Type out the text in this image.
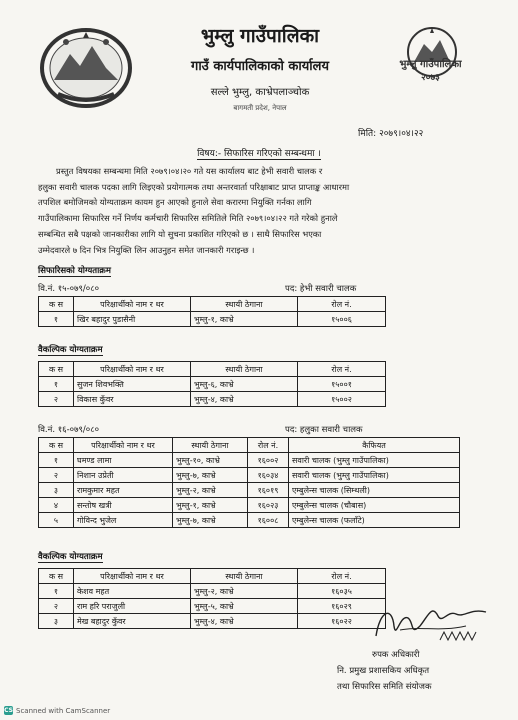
भुम्लु गाउँपालिका
२०७३
भुम्लु गाउँपालिका
गाउँ कार्यपालिकाको कार्यालय
सल्ले भुम्लु, काभ्रेपलाञ्चोक
बागमती प्रदेश, नेपाल
मिति: २०७९।०४।२२
विषय:- सिफारिस गरिएको सम्बन्धमा ।

प्रस्तुत विषयका सम्बन्धमा मिति २०७९।०४।२० गते यस कार्यालय बाट हेभी सवारी चालक र

हलुका सवारी चालक पदका लागि लिइएको प्रयोगात्मक तथा अन्तरवार्ता परिक्षाबाट प्राप्त प्राप्ताङ्क आधारमा

तपशिल बमोजिमको योग्यताक्रम कायम हुन आएको हुनाले सेवा करारमा नियुक्ति गर्नका लागि

गाउँपालिकामा सिफारिस गर्ने निर्णय कर्मचारी सिफारिस समितिले मिति २०७९।०४।२२ गते गरेको हुनाले

सम्बन्धित सबै पक्षको जानकारीका लागि यो सुचना प्रकाशित गरिएको छ । साथै सिफारिस भएका

उम्मेदवारले ७ दिन भित्र नियुक्ति लिन आउनुहन समेत जानकारी गराइन्छ ।

सिफारिसको योग्यताक्रम
वि.नं. १५-०७९/०८०	पद: हेभी सवारी चालक
क स	परिक्षार्थीको नाम र थर	स्थायी ठेगाना	रोल नं.
१	खिर बहादुर पुडासैनी	भुम्लु-१, काभ्रे	१५००६
वैकल्पिक योग्यताक्रम
क स	परिक्षार्थीको नाम र थर	स्थायी ठेगाना	रोल नं.
१	सुजन शिवभक्ति	भुम्लु-६, काभ्रे	१५००१
२	विकास कुँवर	भुम्लु-४, काभ्रे	१५००२
वि.नं. १६-०७९/०८०	पद: हलुका सवारी चालक
क स	परिक्षार्थीको नाम र थर	स्थायी ठेगाना	रोल नं.	कैफियत
१	घमण्ड लामा	भुम्लु-१०, काभ्रे	१६००२	सवारी चालक (भुम्लु गाउँपालिका)
२	निशान उप्रेती	भुम्लु-७, काभ्रे	१६०३४	सवारी चालक (भुम्लु गाउँपालिका)
३	रामकुमार महत	भुम्लु-२, काभ्रे	१६०१९	एम्बुलेन्स चालक (सिम्थली)
४	सन्तोष खत्री	भुम्लु-१, काभ्रे	१६०२३	एम्बुलेन्स चालक (चौबास)
५	गोविन्द भुजेल	भुम्लु-७, काभ्रे	१६००८	एम्बुलेन्स चालक (फलाँटे)
वैकल्पिक योग्यताक्रम
क स	परिक्षार्थीको नाम र थर	स्थायी ठेगाना	रोल नं.
१	केशव महत	भुम्लु-२, काभ्रे	१६०३५
२	राम हरि पराजुली	भुम्लु-५, काभ्रे	१६०२९
३	मेख बहादुर कुँवर	भुम्लु-४, काभ्रे	१६०२२
रुपक अधिकारी
नि. प्रमुख प्रशासकिय अधिकृत
तथा सिफारिस समिति संयोजक
CS Scanned with CamScanner
